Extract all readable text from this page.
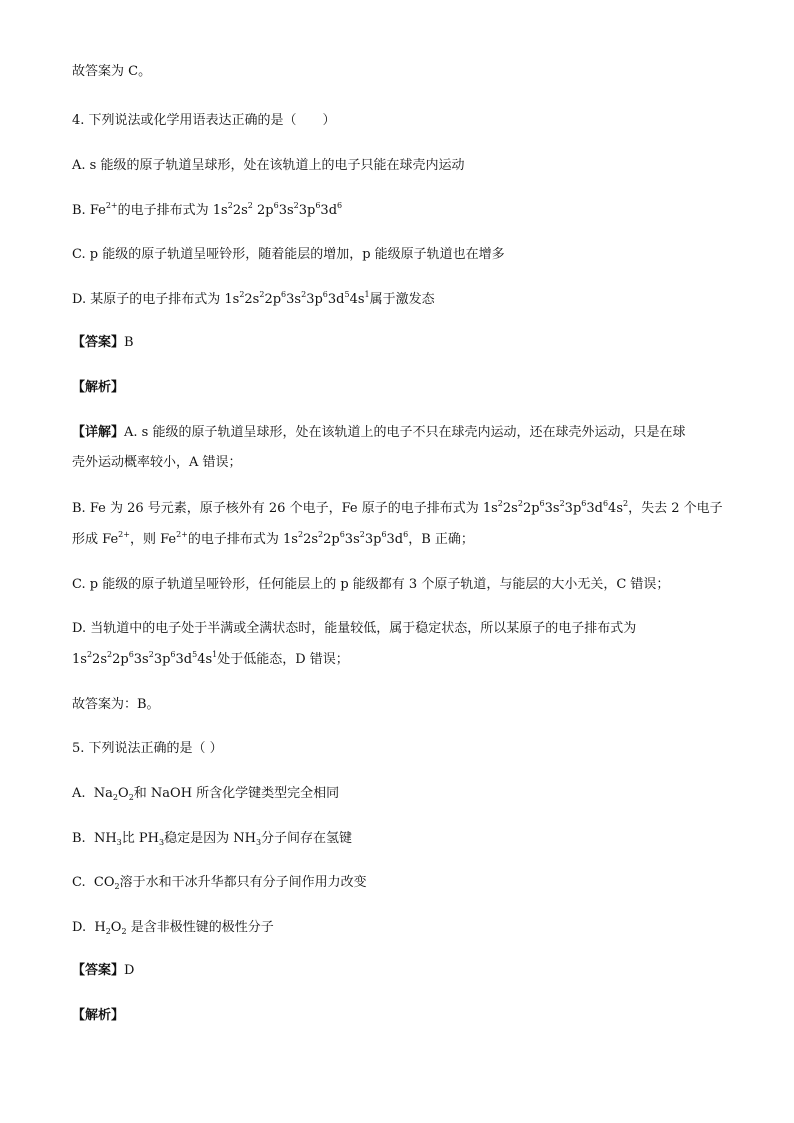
故答案为 C。

4. 下列说法或化学用语表达正确的是（　　）

A. s 能级的原子轨道呈球形，处在该轨道上的电子只能在球壳内运动

B. $Fe^{2+}$的电子排布式为 $1s^22s^2$ $2p^63s^23p^63d^6$

C. p 能级的原子轨道呈哑铃形，随着能层的增加，p 能级原子轨道也在增多

D. 某原子的电子排布式为 $1s^22s^22p^63s^23p^63d^54s^1$属于激发态

【答案】B

【解析】

【详解】A. s 能级的原子轨道呈球形，处在该轨道上的电子不只在球壳内运动，还在球壳外运动，只是在球

壳外运动概率较小，A 错误；

B. Fe 为 26 号元素，原子核外有 26 个电子，Fe 原子的电子排布式为 $1s^22s^22p^63s^23p^63d^64s^2$，失去 2 个电子

形成 $Fe^{2+}$，则 $Fe^{2+}$的电子排布式为 $1s^22s^22p^63s^23p^63d^6$，B 正确；

C. p 能级的原子轨道呈哑铃形，任何能层上的 p 能级都有 3 个原子轨道，与能层的大小无关，C 错误；

D. 当轨道中的电子处于半满或全满状态时，能量较低，属于稳定状态，所以某原子的电子排布式为

$1s^22s^22p^63s^23p^63d^54s^1$处于低能态，D 错误；

故答案为：B。

5. 下列说法正确的是（ ）

A.  $Na_2O_2$和 NaOH 所含化学键类型完全相同

B.  $NH_3$比 $PH_3$稳定是因为 $NH_3$分子间存在氢键

C.  $CO_2$溶于水和干冰升华都只有分子间作用力改变

D.  $H_2O_2$ 是含非极性键的极性分子

【答案】D

【解析】
